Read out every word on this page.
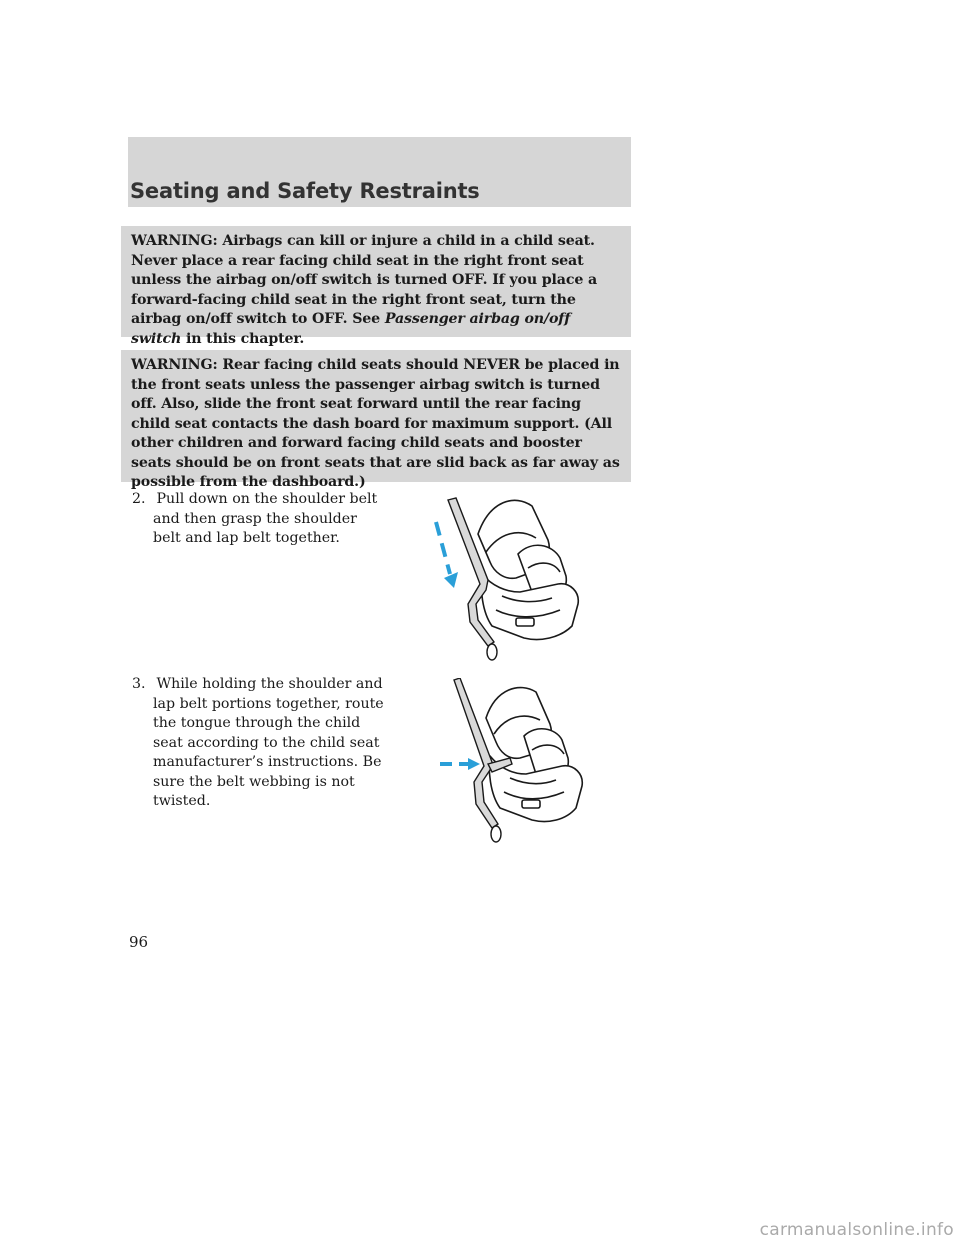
Seating and Safety Restraints
WARNING: Airbags can kill or injure a child in a child seat. Never place a rear facing child seat in the right front seat unless the airbag on/off switch is turned OFF. If you place a forward-facing child seat in the right front seat, turn the airbag on/off switch to OFF. See Passenger airbag on/off switch in this chapter.
WARNING: Rear facing child seats should NEVER be placed in the front seats unless the passenger airbag switch is turned off. Also, slide the front seat forward until the rear facing child seat contacts the dash board for maximum support. (All other children and forward facing child seats and booster seats should be on front seats that are slid back as far away as possible from the dashboard.)
2. Pull down on the shoulder belt
and then grasp the shoulder
belt and lap belt together.
3. While holding the shoulder and
lap belt portions together, route
the tongue through the child
seat according to the child seat
manufacturer’s instructions. Be
sure the belt webbing is not
twisted.

96

carmanualsonline.info
